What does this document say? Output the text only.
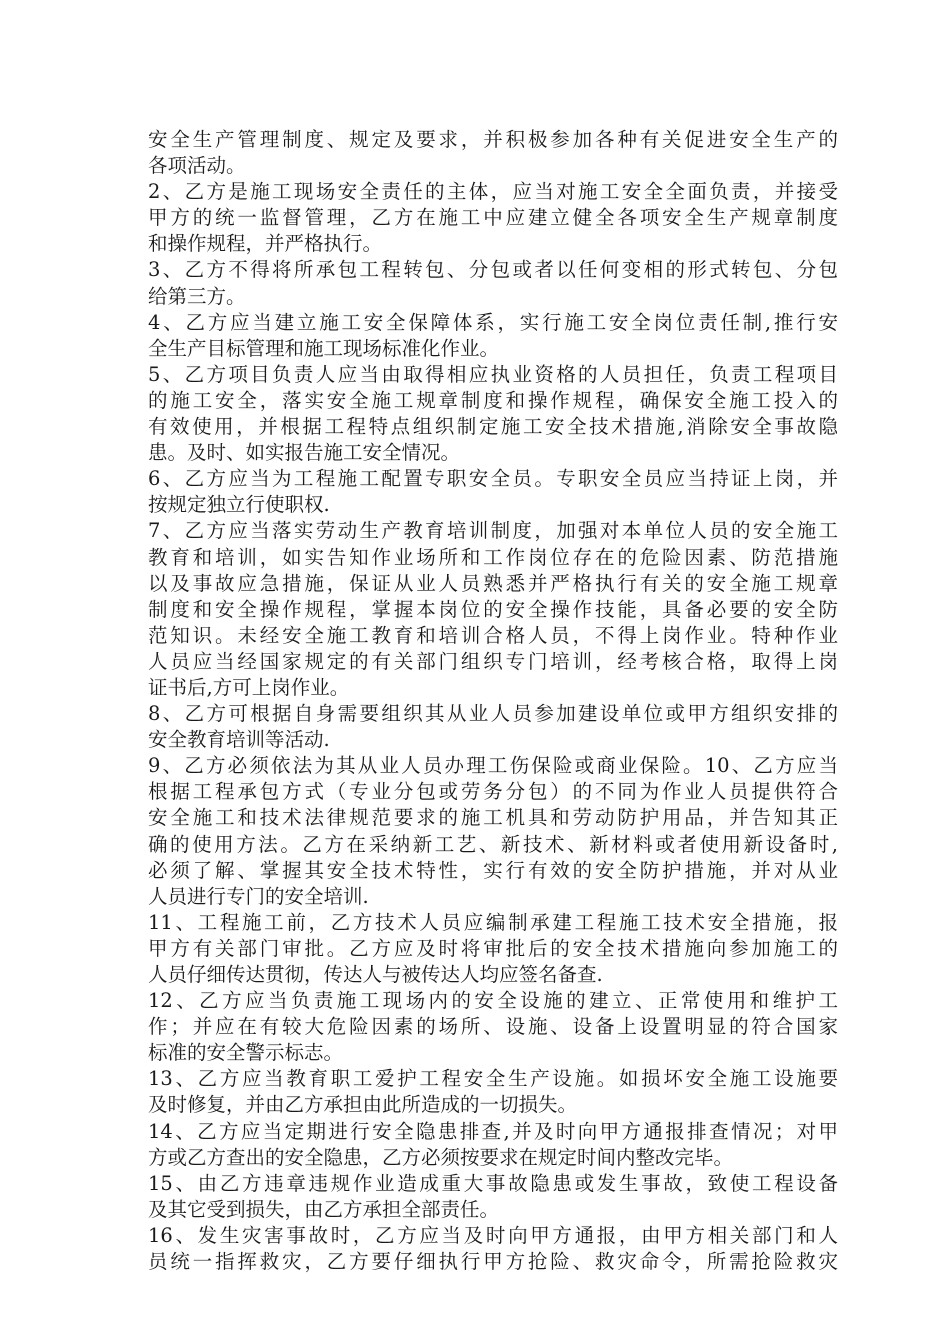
安全生产管理制度、规定及要求，并积极参加各种有关促进安全生产的
各项活动。
2、乙方是施工现场安全责任的主体，应当对施工安全全面负责，并接受
甲方的统一监督管理，乙方在施工中应建立健全各项安全生产规章制度
和操作规程，并严格执行。
3、乙方不得将所承包工程转包、分包或者以任何变相的形式转包、分包
给第三方。
4、乙方应当建立施工安全保障体系，实行施工安全岗位责任制,推行安
全生产目标管理和施工现场标准化作业。
5、乙方项目负责人应当由取得相应执业资格的人员担任，负责工程项目
的施工安全，落实安全施工规章制度和操作规程，确保安全施工投入的
有效使用，并根据工程特点组织制定施工安全技术措施,消除安全事故隐
患。及时、如实报告施工安全情况。
6、乙方应当为工程施工配置专职安全员。专职安全员应当持证上岗，并
按规定独立行使职权.
7、乙方应当落实劳动生产教育培训制度，加强对本单位人员的安全施工
教育和培训，如实告知作业场所和工作岗位存在的危险因素、防范措施
以及事故应急措施，保证从业人员熟悉并严格执行有关的安全施工规章
制度和安全操作规程，掌握本岗位的安全操作技能，具备必要的安全防
范知识。未经安全施工教育和培训合格人员，不得上岗作业。特种作业
人员应当经国家规定的有关部门组织专门培训，经考核合格，取得上岗
证书后,方可上岗作业。
8、乙方可根据自身需要组织其从业人员参加建设单位或甲方组织安排的
安全教育培训等活动.
9、乙方必须依法为其从业人员办理工伤保险或商业保险。10、乙方应当
根据工程承包方式（专业分包或劳务分包）的不同为作业人员提供符合
安全施工和技术法律规范要求的施工机具和劳动防护用品，并告知其正
确的使用方法。乙方在采纳新工艺、新技术、新材料或者使用新设备时,
必须了解、掌握其安全技术特性，实行有效的安全防护措施，并对从业
人员进行专门的安全培训.
11、工程施工前，乙方技术人员应编制承建工程施工技术安全措施，报
甲方有关部门审批。乙方应及时将审批后的安全技术措施向参加施工的
人员仔细传达贯彻，传达人与被传达人均应签名备查.
12、乙方应当负责施工现场内的安全设施的建立、正常使用和维护工
作；并应在有较大危险因素的场所、设施、设备上设置明显的符合国家
标准的安全警示标志。
13、乙方应当教育职工爱护工程安全生产设施。如损坏安全施工设施要
及时修复，并由乙方承担由此所造成的一切损失。
14、乙方应当定期进行安全隐患排查,并及时向甲方通报排查情况；对甲
方或乙方查出的安全隐患，乙方必须按要求在规定时间内整改完毕。
15、由乙方违章违规作业造成重大事故隐患或发生事故，致使工程设备
及其它受到损失，由乙方承担全部责任。
16、发生灾害事故时，乙方应当及时向甲方通报，由甲方相关部门和人
员统一指挥救灾，乙方要仔细执行甲方抢险、救灾命令，所需抢险救灾
